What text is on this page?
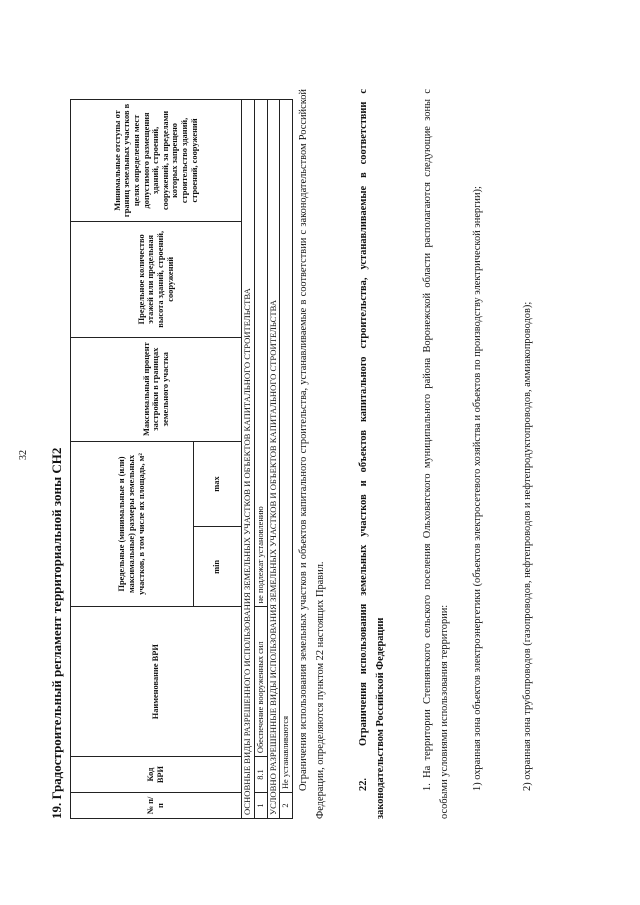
32 19. Градостроительный регламент территориальной зоны СН2	№ п/п	Код ВРИ	Наименование ВРИ	Предельные (минимальные и (или) максимальные) размеры земельных участков, в том числе их площадь, м²		Максимальный процент застройки в границах земельного участка	Предельное количество этажей или предельная высота зданий, строений, сооружений	Минимальные отступы от границ земельных участков в целях определения мест допустимого размещения зданий, строений, сооружений, за пределами которых запрещено строительство зданий, строений, сооружений
			min	max			
ОСНОВНЫЕ ВИДЫ РАЗРЕШЕННОГО ИСПОЛЬЗОВАНИЯ ЗЕМЕЛЬНЫХ УЧАСТКОВ И ОБЪЕКТОВ КАПИТАЛЬНОГО СТРОИТЕЛЬСТВА							
1	8.1	Обеспечение вооруженных сил	не подлежат установлению				
УСЛОВНО РАЗРЕШЕННЫЕ ВИДЫ ИСПОЛЬЗОВАНИЯ ЗЕМЕЛЬНЫХ УЧАСТКОВ И ОБЪЕКТОВ КАПИТАЛЬНОГО СТРОИТЕЛЬСТВА							
2	Не устанавливаются						Ограничения использования земельных участков и объектов капитального строительства, устанавливаемые в соответствии с законодательством Российской Федерации, определяются пунктом 22 настоящих Правил.	22.    Ограничения использования земельных участков и объектов капитального строительства, устанавливаемые в соответствии с законодательством Российской Федерации	1. На территории Степнянского сельского поселения Ольховатского муниципального района Воронежской области располагаются следующие зоны с особыми условиями использования территории:	1) охранная зона объектов электроэнергетики (объектов электросетевого хозяйства и объектов по производству электрической энергии);	2) охранная зона трубопроводов (газопроводов, нефтепроводов и нефтепродуктопроводов, аммиакопроводов);
